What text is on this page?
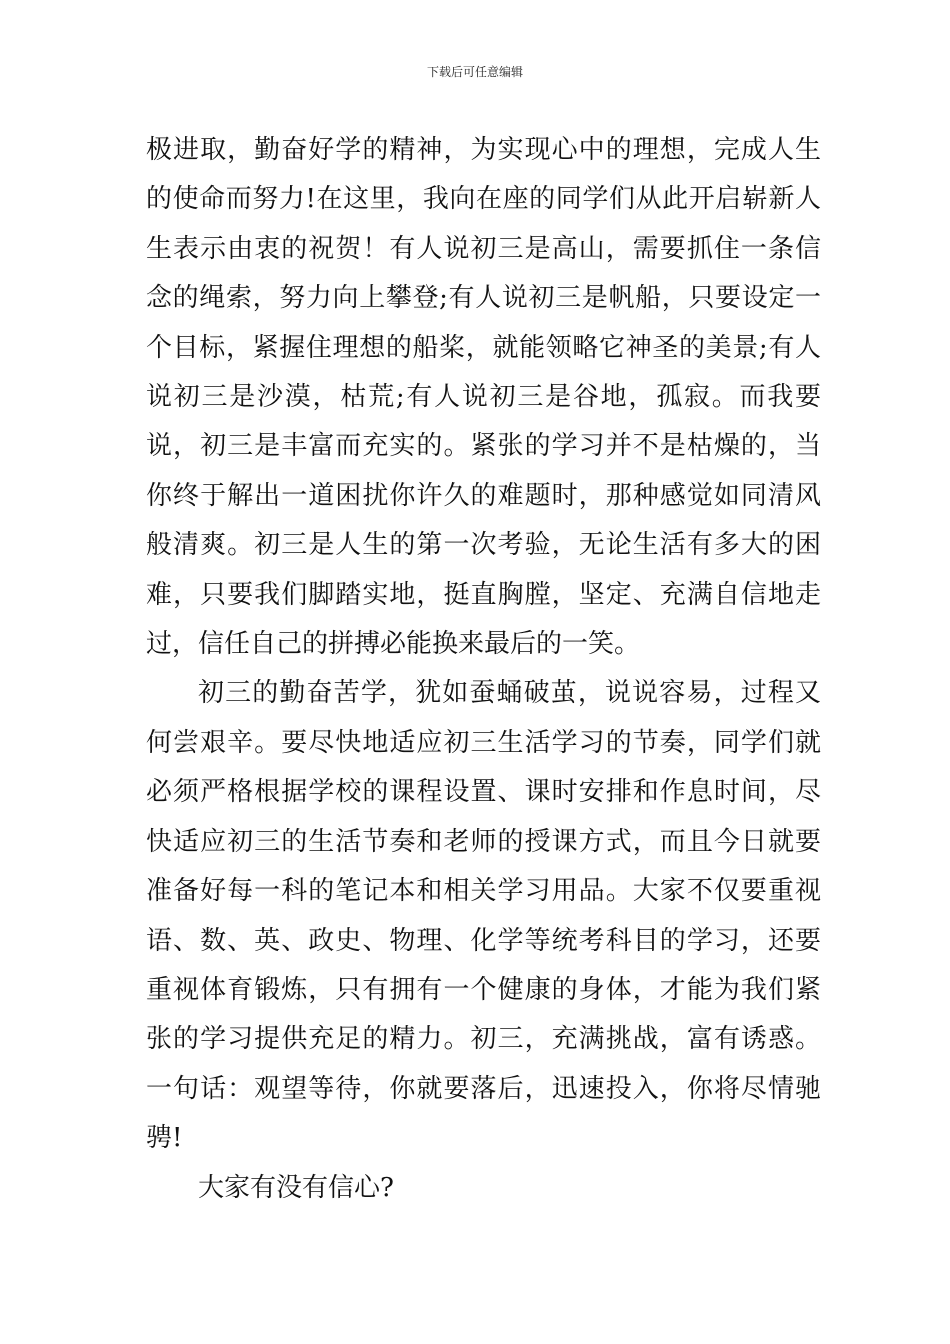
下载后可任意编辑

极进取，勤奋好学的精神，为实现心中的理想，完成人生的使命而努力!在这里，我向在座的同学们从此开启崭新人生表示由衷的祝贺！有人说初三是高山，需要抓住一条信念的绳索，努力向上攀登;有人说初三是帆船，只要设定一个目标，紧握住理想的船桨，就能领略它神圣的美景;有人说初三是沙漠，枯荒;有人说初三是谷地，孤寂。而我要说，初三是丰富而充实的。紧张的学习并不是枯燥的，当你终于解出一道困扰你许久的难题时，那种感觉如同清风般清爽。初三是人生的第一次考验，无论生活有多大的困难，只要我们脚踏实地，挺直胸膛，坚定、充满自信地走过，信任自己的拼搏必能换来最后的一笑。

初三的勤奋苦学，犹如蚕蛹破茧，说说容易，过程又何尝艰辛。要尽快地适应初三生活学习的节奏，同学们就必须严格根据学校的课程设置、课时安排和作息时间，尽快适应初三的生活节奏和老师的授课方式，而且今日就要准备好每一科的笔记本和相关学习用品。大家不仅要重视语、数、英、政史、物理、化学等统考科目的学习，还要重视体育锻炼，只有拥有一个健康的身体，才能为我们紧张的学习提供充足的精力。初三，充满挑战，富有诱惑。一句话：观望等待，你就要落后，迅速投入，你将尽情驰骋!

大家有没有信心?
